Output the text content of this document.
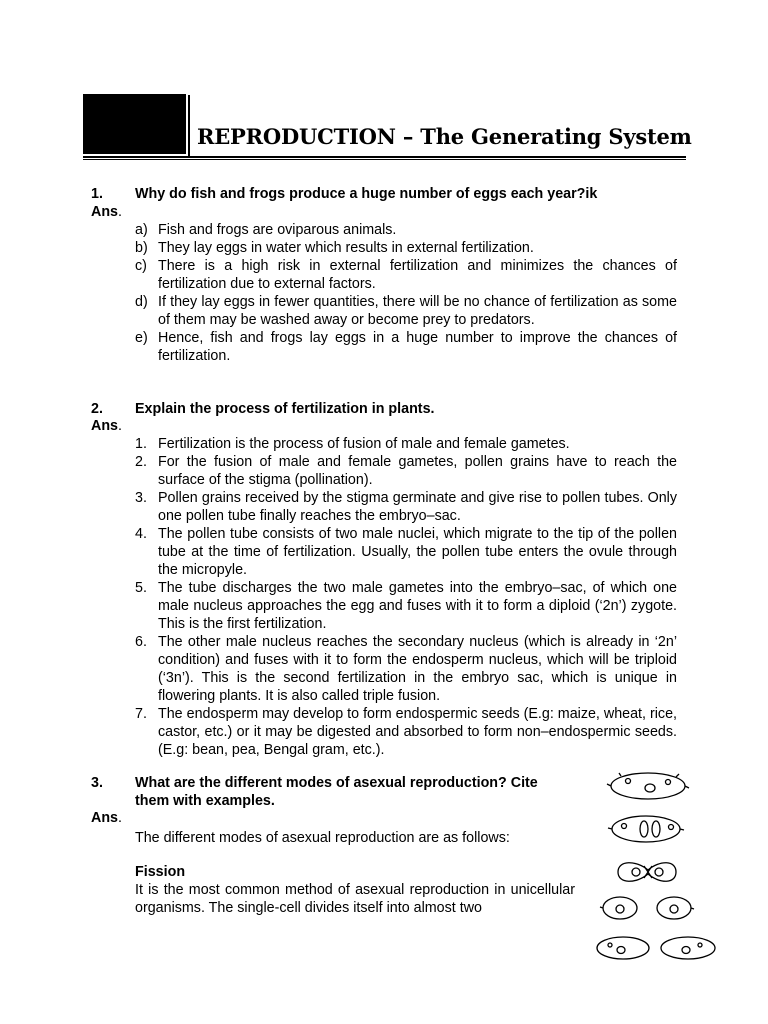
REPRODUCTION – The Generating System
1. Why do fish and frogs produce a huge number of eggs each year?ik
Ans.
a) Fish and frogs are oviparous animals.
b) They lay eggs in water which results in external fertilization.
c) There is a high risk in external fertilization and minimizes the chances of fertilization due to external factors.
d) If they lay eggs in fewer quantities, there will be no chance of fertilization as some of them may be washed away or become prey to predators.
e) Hence, fish and frogs lay eggs in a huge number to improve the chances of fertilization.
2. Explain the process of fertilization in plants.
Ans.
1. Fertilization is the process of fusion of male and female gametes.
2. For the fusion of male and female gametes, pollen grains have to reach the surface of the stigma (pollination).
3. Pollen grains received by the stigma germinate and give rise to pollen tubes. Only one pollen tube finally reaches the embryo–sac.
4. The pollen tube consists of two male nuclei, which migrate to the tip of the pollen tube at the time of fertilization. Usually, the pollen tube enters the ovule through the micropyle.
5. The tube discharges the two male gametes into the embryo–sac, of which one male nucleus approaches the egg and fuses with it to form a diploid (‘2n’) zygote. This is the first fertilization.
6. The other male nucleus reaches the secondary nucleus (which is already in ‘2n’ condition) and fuses with it to form the endosperm nucleus, which will be triploid (‘3n’). This is the second fertilization in the embryo sac, which is unique in flowering plants. It is also called triple fusion.
7. The endosperm may develop to form endospermic seeds (E.g: maize, wheat, rice, castor, etc.) or it may be digested and absorbed to form non–endospermic seeds. (E.g: bean, pea, Bengal gram, etc.).
3. What are the different modes of asexual reproduction? Cite
them with examples.
Ans.
The different modes of asexual reproduction are as follows:
Fission
It is the most common method of asexual reproduction in unicellular organisms. The single-cell divides itself into almost two
